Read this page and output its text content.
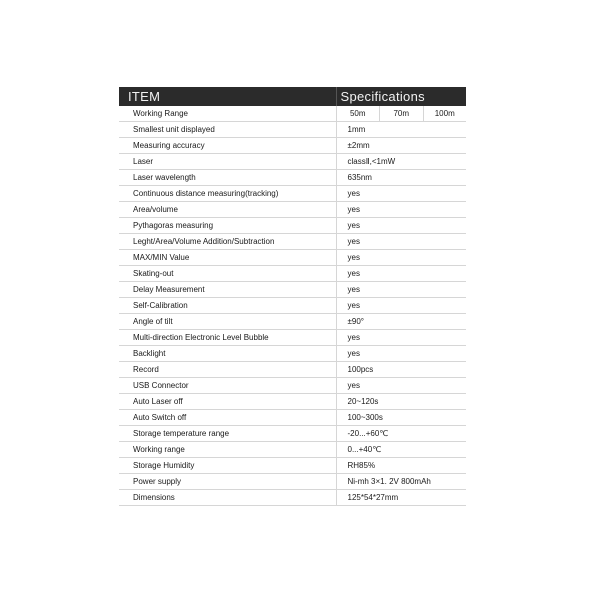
ITEM	Specifications
Working Range	50m 70m 100m

Smallest unit displayed	1mm
Measuring accuracy	±2mm
Laser	classⅡ,<1mW
Laser wavelength	635nm
Continuous distance measuring(tracking)	yes
Area/volume	yes
Pythagoras measuring	yes
Leght/Area/Volume Addition/Subtraction	yes
MAX/MIN Value	yes
Skating-out	yes
Delay Measurement	yes
Self-Calibration	yes
Angle of tilt	±90°
Multi-direction Electronic Level Bubble	yes
Backlight	yes
Record	100pcs
USB Connector	yes
Auto Laser off	20~120s
Auto Switch off	100~300s
Storage temperature range	-20...+60℃
Working range	0...+40℃
Storage Humidity	RH85%
Power supply	Ni-mh 3×1. 2V 800mAh
Dimensions	125*54*27mm
